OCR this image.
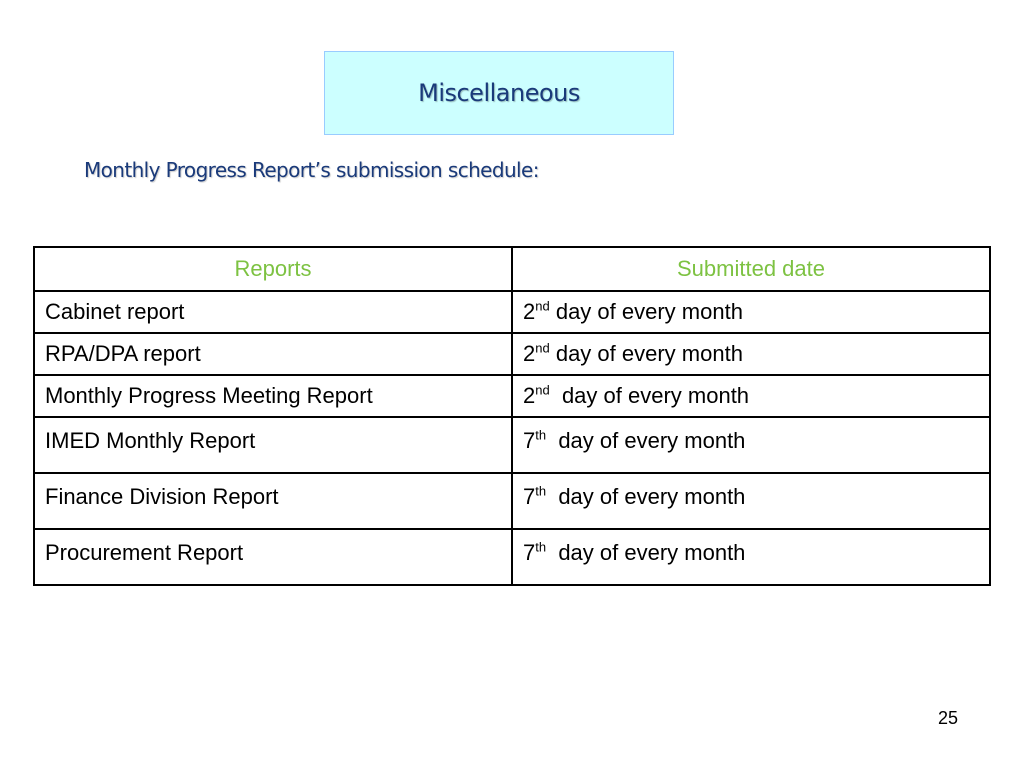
Miscellaneous
Monthly Progress Report’s submission schedule:
Reports	Submitted date
Cabinet report	2nd day of every month
RPA/DPA report	2nd day of every month
Monthly Progress Meeting Report	2nd  day of every month
IMED Monthly Report	7th  day of every month
Finance Division Report	7th  day of every month
Procurement Report	7th  day of every month
25
